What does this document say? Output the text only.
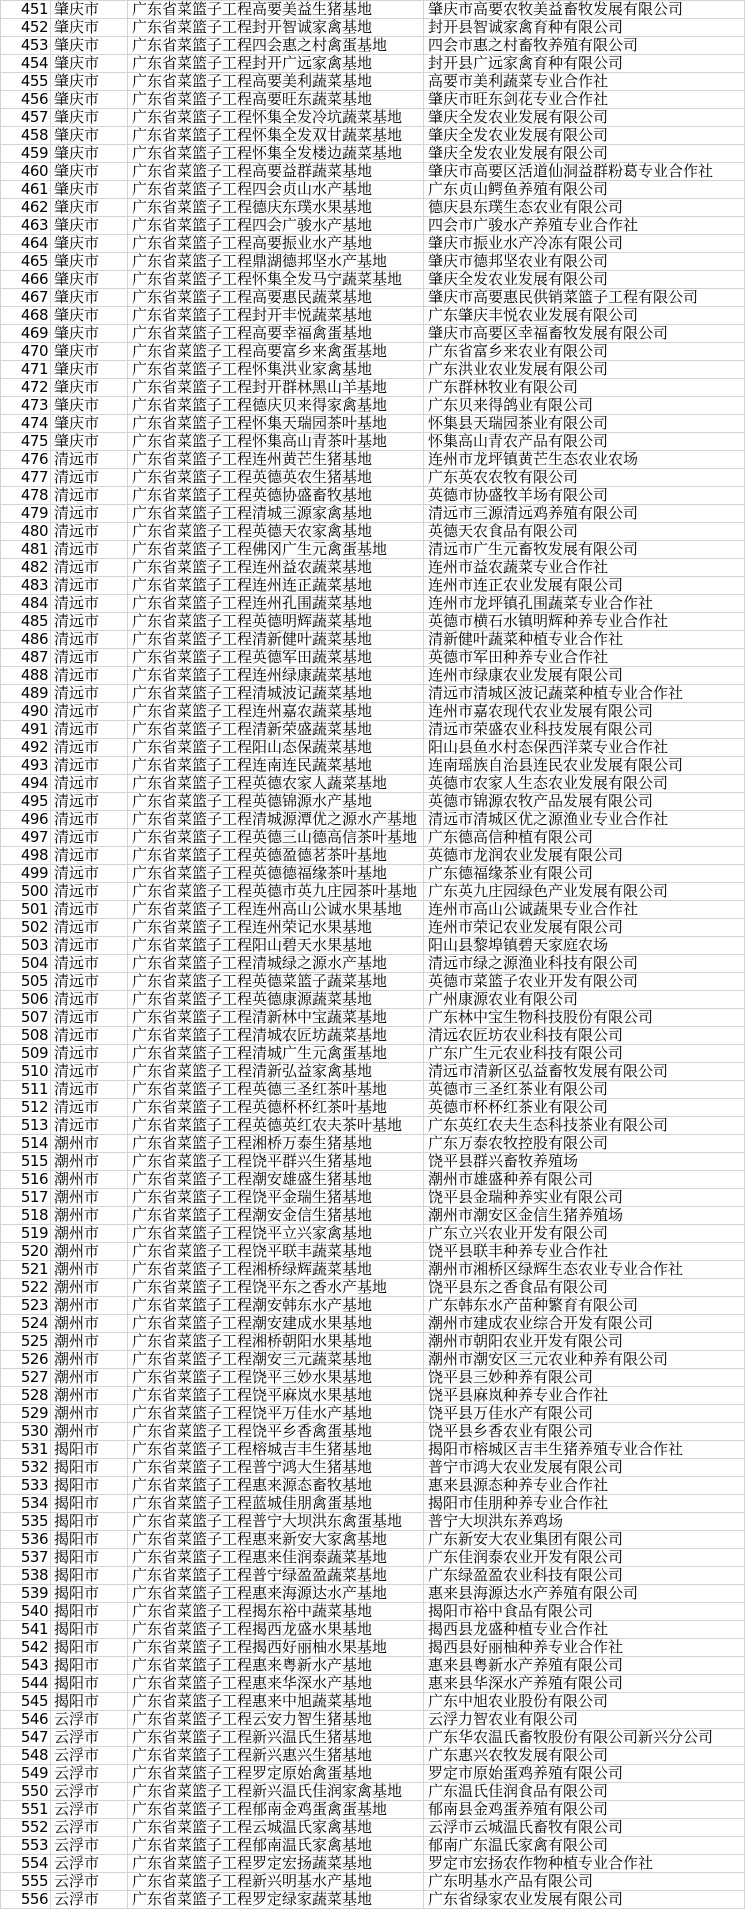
451 肇庆市	广东省菜篮子工程高要美益生猪基地	肇庆市高要农牧美益畜牧发展有限公司
452 肇庆市	广东省菜篮子工程封开智诚家禽基地	封开县智诚家禽育种有限公司
453 肇庆市	广东省菜篮子工程四会惠之村禽蛋基地	四会市惠之村畜牧养殖有限公司
454 肇庆市	广东省菜篮子工程封开广远家禽基地	封开县广远家禽育种有限公司
455 肇庆市	广东省菜篮子工程高要美利蔬菜基地	高要市美利蔬菜专业合作社
456 肇庆市	广东省菜篮子工程高要旺东蔬菜基地	肇庆市旺东剑花专业合作社
457 肇庆市	广东省菜篮子工程怀集全发冷坑蔬菜基地	肇庆全发农业发展有限公司
458 肇庆市	广东省菜篮子工程怀集全发双甘蔬菜基地	肇庆全发农业发展有限公司
459 肇庆市	广东省菜篮子工程怀集全发楼边蔬菜基地	肇庆全发农业发展有限公司
460 肇庆市	广东省菜篮子工程高要益群蔬菜基地	肇庆市高要区活道仙洞益群粉葛专业合作社
461 肇庆市	广东省菜篮子工程四会贞山水产基地	广东贞山鳄鱼养殖有限公司
462 肇庆市	广东省菜篮子工程德庆东璞水果基地	德庆县东璞生态农业有限公司
463 肇庆市	广东省菜篮子工程四会广骏水产基地	四会市广骏水产养殖专业合作社
464 肇庆市	广东省菜篮子工程高要振业水产基地	肇庆市振业水产冷冻有限公司
465 肇庆市	广东省菜篮子工程鼎湖德邦坚水产基地	肇庆市德邦坚农业有限公司
466 肇庆市	广东省菜篮子工程怀集全发马宁蔬菜基地	肇庆全发农业发展有限公司
467 肇庆市	广东省菜篮子工程高要惠民蔬菜基地	肇庆市高要惠民供销菜篮子工程有限公司
468 肇庆市	广东省菜篮子工程封开丰悦蔬菜基地	广东肇庆丰悦农业发展有限公司
469 肇庆市	广东省菜篮子工程高要幸福禽蛋基地	肇庆市高要区幸福畜牧发展有限公司
470 肇庆市	广东省菜篮子工程高要富乡来禽蛋基地	广东省富乡来农业有限公司
471 肇庆市	广东省菜篮子工程怀集洪业家禽基地	广东洪业农业发展有限公司
472 肇庆市	广东省菜篮子工程封开群林黑山羊基地	广东群林牧业有限公司
473 肇庆市	广东省菜篮子工程德庆贝来得家禽基地	广东贝来得鸽业有限公司
474 肇庆市	广东省菜篮子工程怀集天瑞园茶叶基地	怀集县天瑞园茶业有限公司
475 肇庆市	广东省菜篮子工程怀集高山青茶叶基地	怀集高山青农产品有限公司
476 清远市	广东省菜篮子工程连州黄芒生猪基地	连州市龙坪镇黄芒生态农业农场
477 清远市	广东省菜篮子工程英德英农生猪基地	广东英农农牧有限公司
478 清远市	广东省菜篮子工程英德协盛畜牧基地	英德市协盛牧羊场有限公司
479 清远市	广东省菜篮子工程清城三源家禽基地	清远市三源清远鸡养殖有限公司
480 清远市	广东省菜篮子工程英德天农家禽基地	英德天农食品有限公司
481 清远市	广东省菜篮子工程佛冈广生元禽蛋基地	清远市广生元畜牧发展有限公司
482 清远市	广东省菜篮子工程连州益农蔬菜基地	连州市益农蔬菜专业合作社
483 清远市	广东省菜篮子工程连州连正蔬菜基地	连州市连正农业发展有限公司
484 清远市	广东省菜篮子工程连州孔围蔬菜基地	连州市龙坪镇孔围蔬菜专业合作社
485 清远市	广东省菜篮子工程英德明辉蔬菜基地	英德市横石水镇明辉种养专业合作社
486 清远市	广东省菜篮子工程清新健叶蔬菜基地	清新健叶蔬菜种植专业合作社
487 清远市	广东省菜篮子工程英德军田蔬菜基地	英德市军田种养专业合作社
488 清远市	广东省菜篮子工程连州绿康蔬菜基地	连州市绿康农业发展有限公司
489 清远市	广东省菜篮子工程清城波记蔬菜基地	清远市清城区波记蔬菜种植专业合作社
490 清远市	广东省菜篮子工程连州嘉农蔬菜基地	连州市嘉农现代农业发展有限公司
491 清远市	广东省菜篮子工程清新荣盛蔬菜基地	清远市荣盛农业科技发展有限公司
492 清远市	广东省菜篮子工程阳山态保蔬菜基地	阳山县鱼水村态保西洋菜专业合作社
493 清远市	广东省菜篮子工程连南连民蔬菜基地	连南瑶族自治县连民农业发展有限公司
494 清远市	广东省菜篮子工程英德农家人蔬菜基地	英德市农家人生态农业发展有限公司
495 清远市	广东省菜篮子工程英德锦源水产基地	英德市锦源农牧产品发展有限公司
496 清远市	广东省菜篮子工程清城源潭优之源水产基地 清远市清城区优之源渔业专业合作社
497 清远市	广东省菜篮子工程英德三山德高信茶叶基地 广东德高信种植有限公司
498 清远市	广东省菜篮子工程英德盈德茗茶叶基地	英德市龙润农业发展有限公司
499 清远市	广东省菜篮子工程英德德福缘茶叶基地	广东德福缘茶业有限公司
500 清远市	广东省菜篮子工程英德市英九庄园茶叶基地 广东英九庄园绿色产业发展有限公司
501 清远市	广东省菜篮子工程连州高山公诚水果基地	连州市高山公诚蔬果专业合作社
502 清远市	广东省菜篮子工程连州荣记水果基地	连州市荣记农业发展有限公司
503 清远市	广东省菜篮子工程阳山碧天水果基地	阳山县黎埠镇碧天家庭农场
504 清远市	广东省菜篮子工程清城绿之源水产基地	清远市绿之源渔业科技有限公司
505 清远市	广东省菜篮子工程英德菜篮子蔬菜基地	英德市菜篮子农业开发有限公司
506 清远市	广东省菜篮子工程英德康源蔬菜基地	广州康源农业有限公司
507 清远市	广东省菜篮子工程清新林中宝蔬菜基地	广东林中宝生物科技股份有限公司
508 清远市	广东省菜篮子工程清城农匠坊蔬菜基地	清远农匠坊农业科技有限公司
509 清远市	广东省菜篮子工程清城广生元禽蛋基地	广东广生元农业科技有限公司
510 清远市	广东省菜篮子工程清新弘益家禽基地	清远市清新区弘益畜牧发展有限公司
511 清远市	广东省菜篮子工程英德三圣红茶叶基地	英德市三圣红茶业有限公司
512 清远市	广东省菜篮子工程英德杯杯红茶叶基地	英德市杯杯红茶业有限公司
513 清远市	广东省菜篮子工程英德英红农夫茶叶基地	广东英红农夫生态科技茶业有限公司
514 潮州市	广东省菜篮子工程湘桥万泰生猪基地	广东万泰农牧控股有限公司
515 潮州市	广东省菜篮子工程饶平群兴生猪基地	饶平县群兴畜牧养殖场
516 潮州市	广东省菜篮子工程潮安雄盛生猪基地	潮州市雄盛种养有限公司
517 潮州市	广东省菜篮子工程饶平金瑞生猪基地	饶平县金瑞种养实业有限公司
518 潮州市	广东省菜篮子工程潮安金信生猪基地	潮州市潮安区金信生猪养殖场
519 潮州市	广东省菜篮子工程饶平立兴家禽基地	广东立兴农业开发有限公司
520 潮州市	广东省菜篮子工程饶平联丰蔬菜基地	饶平县联丰种养专业合作社
521 潮州市	广东省菜篮子工程湘桥绿辉蔬菜基地	潮州市湘桥区绿辉生态农业专业合作社
522 潮州市	广东省菜篮子工程饶平东之香水产基地	饶平县东之香食品有限公司
523 潮州市	广东省菜篮子工程潮安韩东水产基地	广东韩东水产苗种繁育有限公司
524 潮州市	广东省菜篮子工程潮安建成水果基地	潮州市建成农业综合开发有限公司
525 潮州市	广东省菜篮子工程湘桥朝阳水果基地	潮州市朝阳农业开发有限公司
526 潮州市	广东省菜篮子工程潮安三元蔬菜基地	潮州市潮安区三元农业种养有限公司
527 潮州市	广东省菜篮子工程饶平三妙水果基地	饶平县三妙种养有限公司
528 潮州市	广东省菜篮子工程饶平麻岚水果基地	饶平县麻岚种养专业合作社
529 潮州市	广东省菜篮子工程饶平万佳水产基地	饶平县万佳水产有限公司
530 潮州市	广东省菜篮子工程饶平乡香禽蛋基地	饶平县乡香农业有限公司
531 揭阳市	广东省菜篮子工程榕城吉丰生猪基地	揭阳市榕城区吉丰生猪养殖专业合作社
532 揭阳市	广东省菜篮子工程普宁鸿大生猪基地	普宁市鸿大农业发展有限公司
533 揭阳市	广东省菜篮子工程惠来源态畜牧基地	惠来县源态种养专业合作社
534 揭阳市	广东省菜篮子工程蓝城佳朋禽蛋基地	揭阳市佳朋种养专业合作社
535 揭阳市	广东省菜篮子工程普宁大坝洪东禽蛋基地	普宁大坝洪东养鸡场
536 揭阳市	广东省菜篮子工程惠来新安大家禽基地	广东新安大农业集团有限公司
537 揭阳市	广东省菜篮子工程惠来佳润泰蔬菜基地	广东佳润泰农业开发有限公司
538 揭阳市	广东省菜篮子工程普宁绿盈盈蔬菜基地	广东绿盈盈农业科技有限公司
539 揭阳市	广东省菜篮子工程惠来海源达水产基地	惠来县海源达水产养殖有限公司
540 揭阳市	广东省菜篮子工程揭东裕中蔬菜基地	揭阳市裕中食品有限公司
541 揭阳市	广东省菜篮子工程揭西龙盛水果基地	揭西县龙盛种植专业合作社
542 揭阳市	广东省菜篮子工程揭西好丽柚水果基地	揭西县好丽柚种养专业合作社
543 揭阳市	广东省菜篮子工程惠来粤新水产基地	惠来县粤新水产养殖有限公司
544 揭阳市	广东省菜篮子工程惠来华深水产基地	惠来县华深水产养殖有限公司
545 揭阳市	广东省菜篮子工程惠来中旭蔬菜基地	广东中旭农业股份有限公司
546 云浮市	广东省菜篮子工程云安力智生猪基地	云浮力智农业有限公司
547 云浮市	广东省菜篮子工程新兴温氏生猪基地	广东华农温氏畜牧股份有限公司新兴分公司
548 云浮市	广东省菜篮子工程新兴惠兴生猪基地	广东惠兴农牧发展有限公司
549 云浮市	广东省菜篮子工程罗定原始禽蛋基地	罗定市原始蛋鸡养殖有限公司
550 云浮市	广东省菜篮子工程新兴温氏佳润家禽基地	广东温氏佳润食品有限公司
551 云浮市	广东省菜篮子工程郁南金鸡蛋禽蛋基地	郁南县金鸡蛋养殖有限公司
552 云浮市	广东省菜篮子工程云城温氏家禽基地	云浮市云城温氏畜牧有限公司
553 云浮市	广东省菜篮子工程郁南温氏家禽基地	郁南广东温氏家禽有限公司
554 云浮市	广东省菜篮子工程罗定宏扬蔬菜基地	罗定市宏扬农作物种植专业合作社
555 云浮市	广东省菜篮子工程新兴明基水产基地	广东明基水产品有限公司
556 云浮市	广东省菜篮子工程罗定绿家蔬菜基地	广东省绿家农业发展有限公司
